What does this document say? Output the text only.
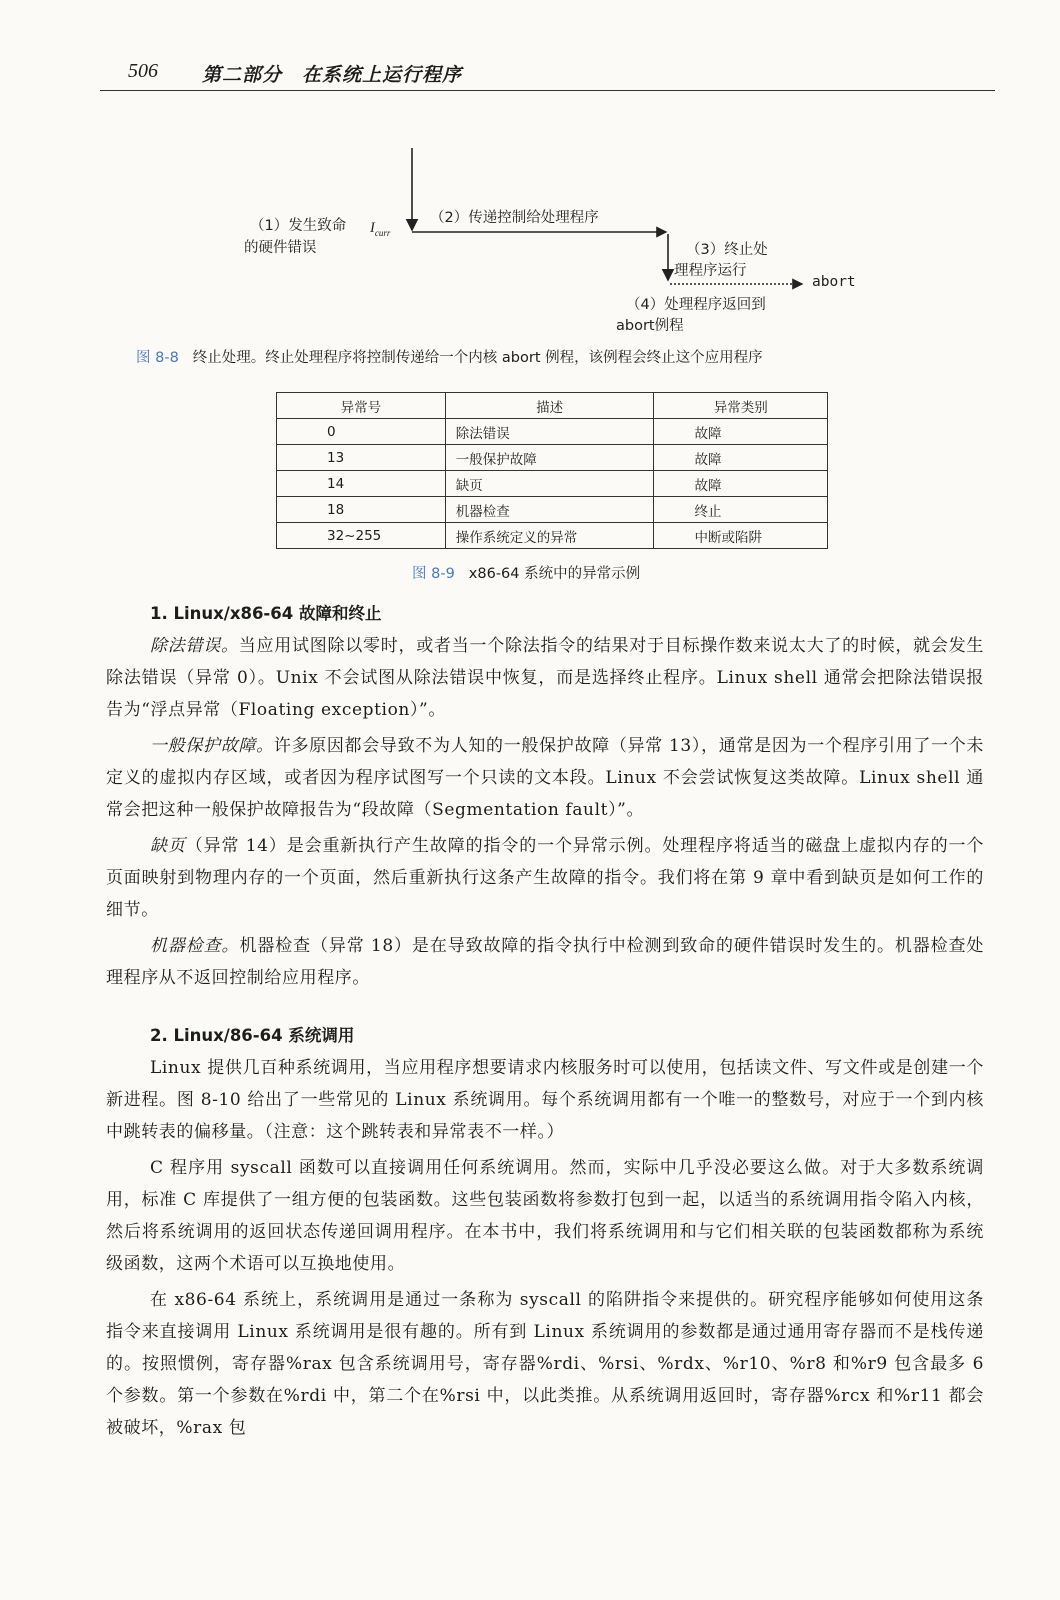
506 第二部分　在系统上运行程序
（1）发生致命
的硬件错误
$I_{curr}$
（2）传递控制给处理程序
（3）终止处
理程序运行
abort
（4）处理程序返回到
abort例程
图 8-8 终止处理。终止处理程序将控制传递给一个内核 abort 例程，该例程会终止这个应用程序
异常号	描述	异常类别
0	除法错误	故障
13	一般保护故障	故障
14	缺页	故障
18	机器检查	终止
32~255	操作系统定义的异常	中断或陷阱
图 8-9 x86-64 系统中的异常示例
1. Linux/x86-64 故障和终止

除法错误。当应用试图除以零时，或者当一个除法指令的结果对于目标操作数来说太大了的时候，就会发生除法错误（异常 0）。Unix 不会试图从除法错误中恢复，而是选择终止程序。Linux shell 通常会把除法错误报告为“浮点异常（Floating exception）”。

一般保护故障。许多原因都会导致不为人知的一般保护故障（异常 13），通常是因为一个程序引用了一个未定义的虚拟内存区域，或者因为程序试图写一个只读的文本段。Linux 不会尝试恢复这类故障。Linux shell 通常会把这种一般保护故障报告为“段故障（Segmentation fault）”。

缺页（异常 14）是会重新执行产生故障的指令的一个异常示例。处理程序将适当的磁盘上虚拟内存的一个页面映射到物理内存的一个页面，然后重新执行这条产生故障的指令。我们将在第 9 章中看到缺页是如何工作的细节。

机器检查。机器检查（异常 18）是在导致故障的指令执行中检测到致命的硬件错误时发生的。机器检查处理程序从不返回控制给应用程序。

2. Linux/86-64 系统调用

Linux 提供几百种系统调用，当应用程序想要请求内核服务时可以使用，包括读文件、写文件或是创建一个新进程。图 8-10 给出了一些常见的 Linux 系统调用。每个系统调用都有一个唯一的整数号，对应于一个到内核中跳转表的偏移量。（注意：这个跳转表和异常表不一样。）

C 程序用 syscall 函数可以直接调用任何系统调用。然而，实际中几乎没必要这么做。对于大多数系统调用，标准 C 库提供了一组方便的包装函数。这些包装函数将参数打包到一起，以适当的系统调用指令陷入内核，然后将系统调用的返回状态传递回调用程序。在本书中，我们将系统调用和与它们相关联的包装函数都称为系统级函数，这两个术语可以互换地使用。

在 x86-64 系统上，系统调用是通过一条称为 syscall 的陷阱指令来提供的。研究程序能够如何使用这条指令来直接调用 Linux 系统调用是很有趣的。所有到 Linux 系统调用的参数都是通过通用寄存器而不是栈传递的。按照惯例，寄存器%rax 包含系统调用号，寄存器%rdi、%rsi、%rdx、%r10、%r8 和%r9 包含最多 6 个参数。第一个参数在%rdi 中，第二个在%rsi 中，以此类推。从系统调用返回时，寄存器%rcx 和%r11 都会被破坏，%rax 包
